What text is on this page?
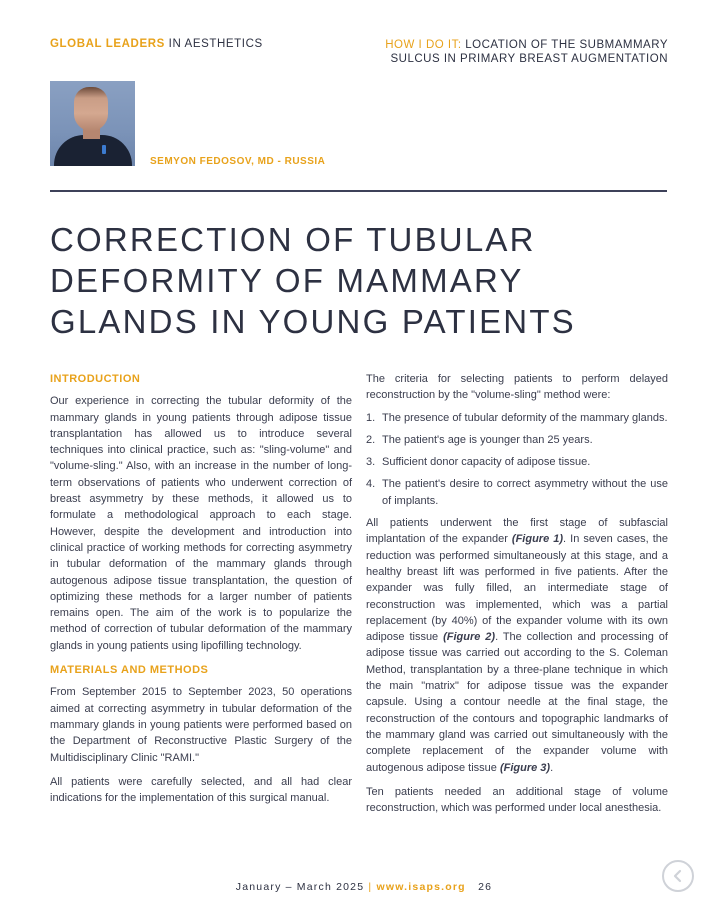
GLOBAL LEADERS IN AESTHETICS	HOW I DO IT: LOCATION OF THE SUBMAMMARY SULCUS IN PRIMARY BREAST AUGMENTATION
SEMYON FEDOSOV, MD - RUSSIA
CORRECTION OF TUBULAR DEFORMITY OF MAMMARY GLANDS IN YOUNG PATIENTS
INTRODUCTION

Our experience in correcting the tubular deformity of the mammary glands in young patients through adipose tissue transplantation has allowed us to introduce several techniques into clinical practice, such as: "sling-volume" and "volume-sling." Also, with an increase in the number of long-term observations of patients who underwent correction of breast asymmetry by these methods, it allowed us to formulate a methodological approach to each stage. However, despite the development and introduction into clinical practice of working methods for correcting asymmetry in tubular deformation of the mammary glands through autogenous adipose tissue transplantation, the question of optimizing these methods for a larger number of patients remains open. The aim of the work is to popularize the method of correction of tubular deformation of the mammary glands in young patients using lipofilling technology.

MATERIALS AND METHODS

From September 2015 to September 2023, 50 operations aimed at correcting asymmetry in tubular deformation of the mammary glands in young patients were performed based on the Department of Reconstructive Plastic Surgery of the Multidisciplinary Clinic "RAMI."

All patients were carefully selected, and all had clear indications for the implementation of this surgical manual.

The criteria for selecting patients to perform delayed reconstruction by the "volume-sling" method were:

1. The presence of tubular deformity of the mammary glands.
2. The patient's age is younger than 25 years.
3. Sufficient donor capacity of adipose tissue.
4. The patient's desire to correct asymmetry without the use of implants.

All patients underwent the first stage of subfascial implantation of the expander (Figure 1). In seven cases, the reduction was performed simultaneously at this stage, and a healthy breast lift was performed in five patients. After the expander was fully filled, an intermediate stage of reconstruction was implemented, which was a partial replacement (by 40%) of the expander volume with its own adipose tissue (Figure 2). The collection and processing of adipose tissue was carried out according to the S. Coleman Method, transplantation by a three-plane technique in which the main "matrix" for adipose tissue was the expander capsule. Using a contour needle at the final stage, the reconstruction of the contours and topographic landmarks of the mammary gland was carried out simultaneously with the complete replacement of the expander volume with autogenous adipose tissue (Figure 3).

Ten patients needed an additional stage of volume reconstruction, which was performed under local anesthesia.

January – March 2025 | www.isaps.org 26
